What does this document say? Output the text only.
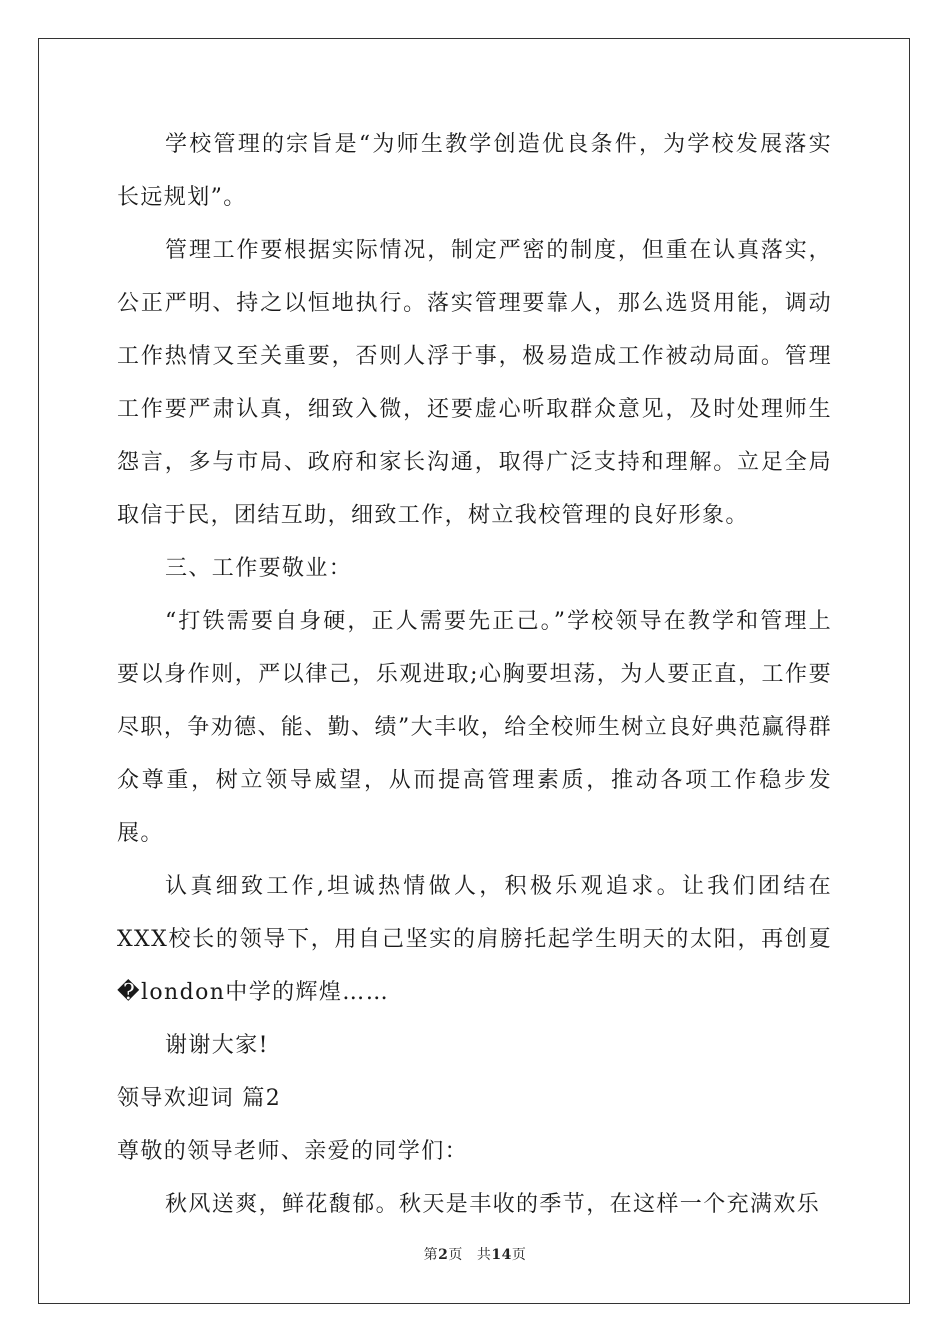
学校管理的宗旨是“为师生教学创造优良条件，为学校发展落实长远规划”。

管理工作要根据实际情况，制定严密的制度，但重在认真落实，公正严明、持之以恒地执行。落实管理要靠人，那么选贤用能，调动工作热情又至关重要，否则人浮于事，极易造成工作被动局面。管理工作要严肃认真，细致入微，还要虚心听取群众意见，及时处理师生怨言，多与市局、政府和家长沟通，取得广泛支持和理解。立足全局取信于民，团结互助，细致工作，树立我校管理的良好形象。

三、工作要敬业：

“打铁需要自身硬，正人需要先正己。”学校领导在教学和管理上要以身作则，严以律己，乐观进取;心胸要坦荡，为人要正直，工作要尽职，争劝德、能、勤、绩”大丰收，给全校师生树立良好典范赢得群众尊重，树立领导威望，从而提高管理素质，推动各项工作稳步发展。

认真细致工作,坦诚热情做人，积极乐观追求。让我们团结在XXX校长的领导下，用自己坚实的肩膀托起学生明天的太阳，再创夏�london中学的辉煌……

谢谢大家!

领导欢迎词 篇2

尊敬的领导老师、亲爱的同学们：

秋风送爽，鲜花馥郁。秋天是丰收的季节，在这样一个充满欢乐

第2页 共14页
